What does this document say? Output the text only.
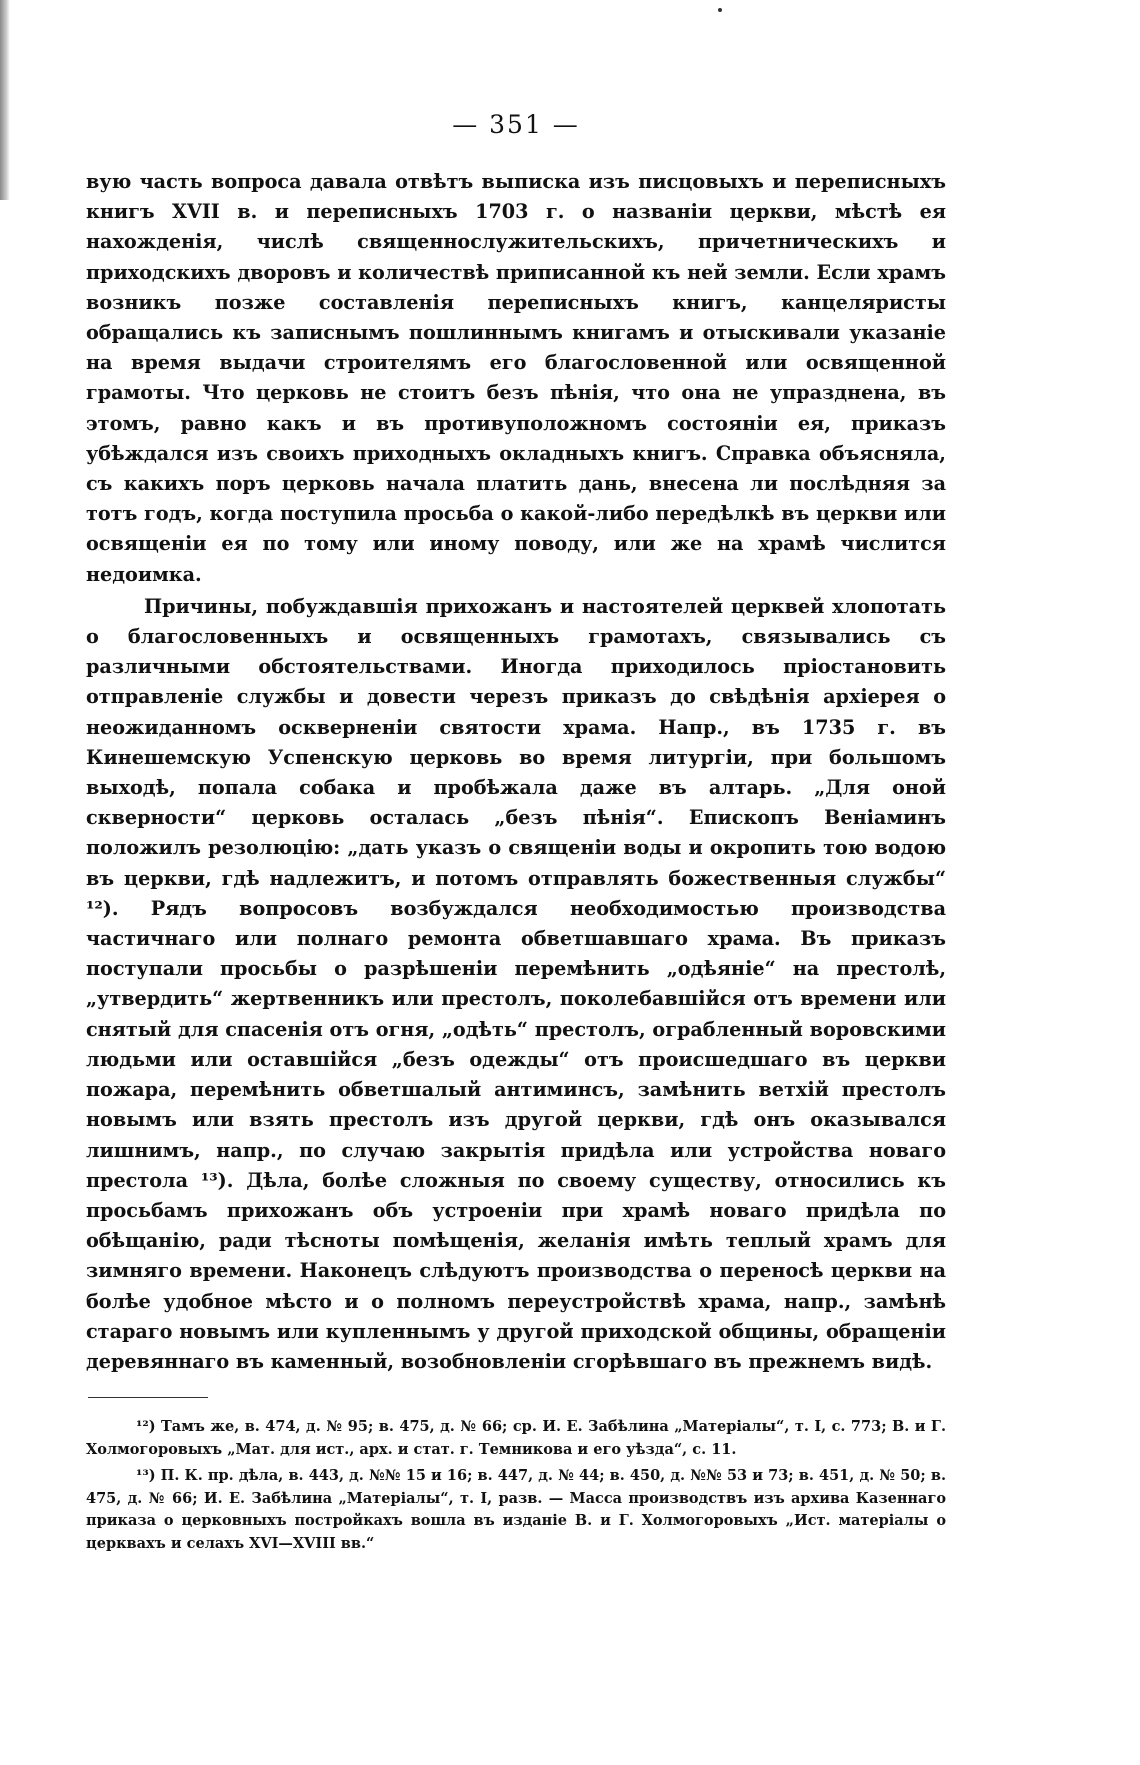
— 351 —

вую часть вопроса давала отвѣтъ выписка изъ писцовыхъ и переписныхъ книгъ XVII в. и переписныхъ 1703 г. о названіи церкви, мѣстѣ ея нахожденія, числѣ священнослужительскихъ, причетническихъ и приходскихъ дворовъ и количествѣ приписанной къ ней земли. Если храмъ возникъ позже составленія переписныхъ книгъ, канцеляристы обращались къ записнымъ пошлиннымъ книгамъ и отыскивали указаніе на время выдачи строителямъ его благословенной или освященной грамоты. Что церковь не стоитъ безъ пѣнія, что она не упразднена, въ этомъ, равно какъ и въ противуположномъ состояніи ея, приказъ убѣждался изъ своихъ приходныхъ окладныхъ книгъ. Справка объясняла, съ какихъ поръ церковь начала платить дань, внесена ли послѣдняя за тотъ годъ, когда поступила просьба о какой-либо передѣлкѣ въ церкви или освященіи ея по тому или иному поводу, или же на храмѣ числится недоимка.

Причины, побуждавшія прихожанъ и настоятелей церквей хлопотать о благословенныхъ и освященныхъ грамотахъ, связывались съ различными обстоятельствами. Иногда приходилось пріостановить отправленіе службы и довести черезъ приказъ до свѣдѣнія архіерея о неожиданномъ оскверненіи святости храма. Напр., въ 1735 г. въ Кинешемскую Успенскую церковь во время литургіи, при большомъ выходѣ, попала собака и пробѣжала даже въ алтарь. „Для оной скверности“ церковь осталась „безъ пѣнія“. Епископъ Веніаминъ положилъ резолюцію: „дать указъ о священіи воды и окропить тою водою въ церкви, гдѣ надлежитъ, и потомъ отправлять божественныя службы“ ¹²). Рядъ вопросовъ возбуждался необходимостью производства частичнаго или полнаго ремонта обветшавшаго храма. Въ приказъ поступали просьбы о разрѣшеніи перемѣнить „одѣяніе“ на престолѣ, „утвердить“ жертвенникъ или престолъ, поколебавшійся отъ времени или снятый для спасенія отъ огня, „одѣть“ престолъ, ограбленный воровскими людьми или оставшійся „безъ одежды“ отъ происшедшаго въ церкви пожара, перемѣнить обветшалый антиминсъ, замѣнить ветхій престолъ новымъ или взять престолъ изъ другой церкви, гдѣ онъ оказывался лишнимъ, напр., по случаю закрытія придѣла или устройства новаго престола ¹³). Дѣла, болѣе сложныя по своему существу, относились къ просьбамъ прихожанъ объ устроеніи при храмѣ новаго придѣла по обѣщанію, ради тѣсноты помѣщенія, желанія имѣть теплый храмъ для зимняго времени. Наконецъ слѣдуютъ производства о переносѣ церкви на болѣе удобное мѣсто и о полномъ переустройствѣ храма, напр., замѣнѣ стараго новымъ или купленнымъ у другой приходской общины, обращеніи деревяннаго въ каменный, возобновленіи сгорѣвшаго въ прежнемъ видѣ.

¹²) Тамъ же, в. 474, д. № 95; в. 475, д. № 66; ср. И. Е. Забѣлина „Матеріалы“, т. I, с. 773; В. и Г. Холмогоровыхъ „Мат. для ист., арх. и стат. г. Темникова и его уѣзда“, с. 11.

¹³) П. К. пр. дѣла, в. 443, д. №№ 15 и 16; в. 447, д. № 44; в. 450, д. №№ 53 и 73; в. 451, д. № 50; в. 475, д. № 66; И. Е. Забѣлина „Матеріалы“, т. I, разв. — Масса производствъ изъ архива Казеннаго приказа о церковныхъ постройкахъ вошла въ изданіе В. и Г. Холмогоровыхъ „Ист. матеріалы о церквахъ и селахъ XVI—XVIII вв.“
